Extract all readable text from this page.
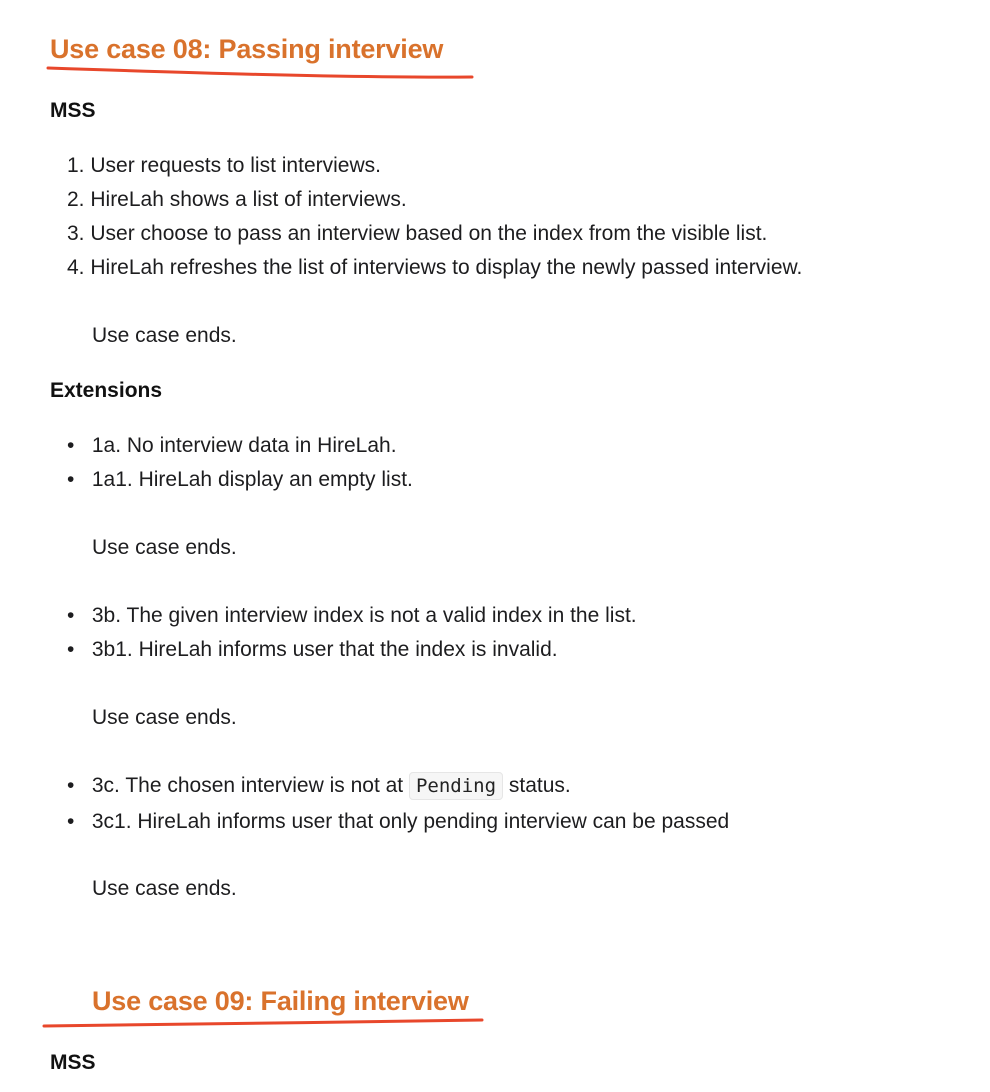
Use case 08: Passing interview
MSS
1. User requests to list interviews.
2. HireLah shows a list of interviews.
3. User choose to pass an interview based on the index from the visible list.
4. HireLah refreshes the list of interviews to display the newly passed interview.
Use case ends.
Extensions
•   1a. No interview data in HireLah.
•   1a1. HireLah display an empty list.
Use case ends.
•   3b. The given interview index is not a valid index in the list.
•   3b1. HireLah informs user that the index is invalid.
Use case ends.
•   3c. The chosen interview is not at Pending status.
•   3c1. HireLah informs user that only pending interview can be passed
Use case ends.
Use case 09: Failing interview
MSS
